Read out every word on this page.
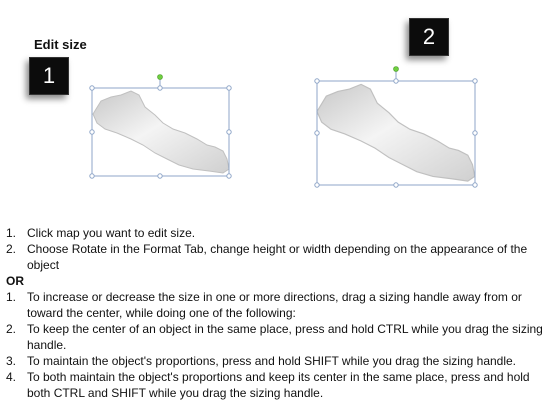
Edit size
1
2
1. Click map you want to edit size.
2. Choose Rotate in the Format Tab, change height or width depending on the appearance of the object
OR
1. To increase or decrease the size in one or more directions, drag a sizing handle away from or toward the center, while doing one of the following:
2. To keep the center of an object in the same place, press and hold CTRL while you drag the sizing handle.
3. To maintain the object's proportions, press and hold SHIFT while you drag the sizing handle.
4. To both maintain the object's proportions and keep its center in the same place, press and hold both CTRL and SHIFT while you drag the sizing handle.
